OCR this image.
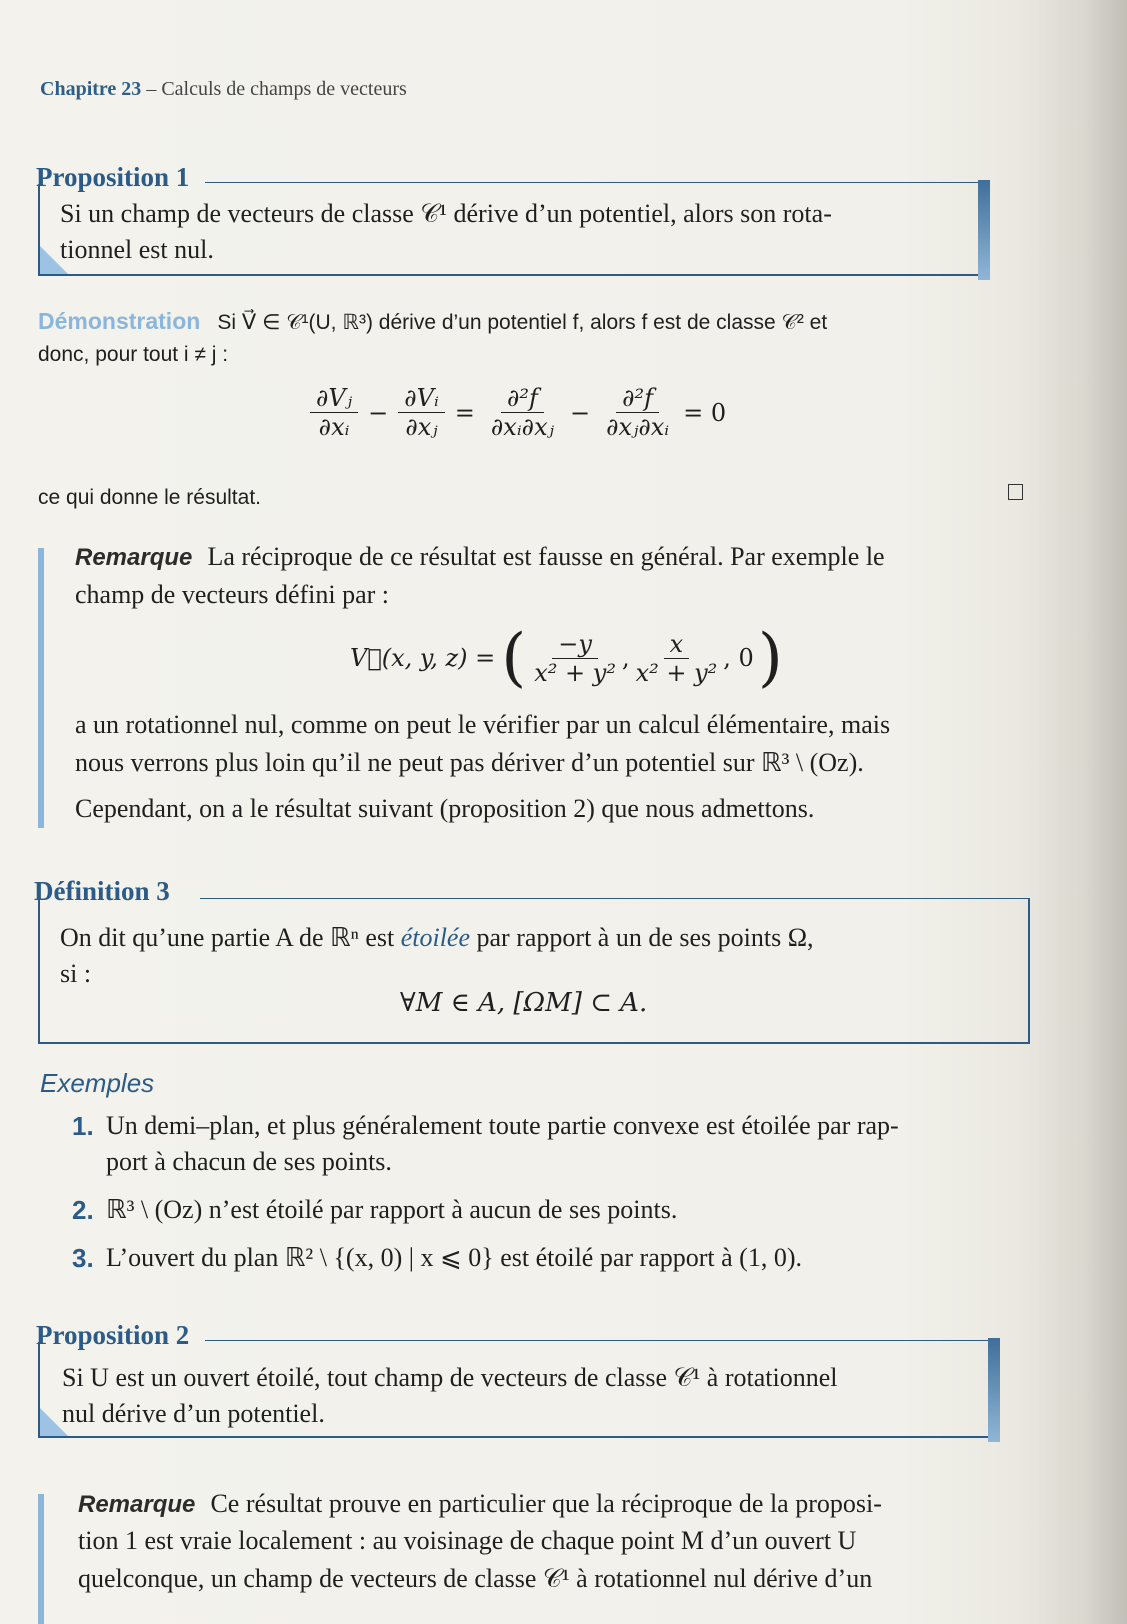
Chapitre 23 – Calculs de champs de vecteurs
Proposition 1
Si un champ de vecteurs de classe 𝒞¹ dérive d’un potentiel, alors son rota-
tionnel est nul.
Démonstration Si V⃗ ∈ 𝒞¹(U, ℝ³) dérive d’un potentiel f, alors f est de classe 𝒞² et
donc, pour tout i ≠ j :
$\frac{\text{∂Vⱼ}}{\text{∂xᵢ}} - \frac{\text{∂Vᵢ}}{\text{∂xⱼ}} = \frac{\text{∂²f}}{\text{∂xᵢ∂xⱼ}} - \frac{\text{∂²f}}{\text{∂xⱼ∂xᵢ}} = 0$
ce qui donne le résultat.
Remarque La réciproque de ce résultat est fausse en général. Par exemple le
champ de vecteurs défini par :
V⃗(x, y, z) = ( $\frac{-y}{\text{x² + y²}}$ , $\frac{x}{\text{x² + y²}}$ , 0 )
a un rotationnel nul, comme on peut le vérifier par un calcul élémentaire, mais
nous verrons plus loin qu’il ne peut pas dériver d’un potentiel sur ℝ³ \ (Oz).
Cependant, on a le résultat suivant (proposition 2) que nous admettons.
Définition 3
On dit qu’une partie A de ℝⁿ est étoilée par rapport à un de ses points Ω,
si :
∀M ∈ A, [ΩM] ⊂ A.
Exemples
1. Un demi–plan, et plus généralement toute partie convexe est étoilée par rap-
port à chacun de ses points.
2. ℝ³ \ (Oz) n’est étoilé par rapport à aucun de ses points.
3. L’ouvert du plan ℝ² \ {(x, 0) | x ⩽ 0} est étoilé par rapport à (1, 0).
Proposition 2
Si U est un ouvert étoilé, tout champ de vecteurs de classe 𝒞¹ à rotationnel
nul dérive d’un potentiel.
Remarque Ce résultat prouve en particulier que la réciproque de la proposi-
tion 1 est vraie localement : au voisinage de chaque point M d’un ouvert U
quelconque, un champ de vecteurs de classe 𝒞¹ à rotationnel nul dérive d’un
